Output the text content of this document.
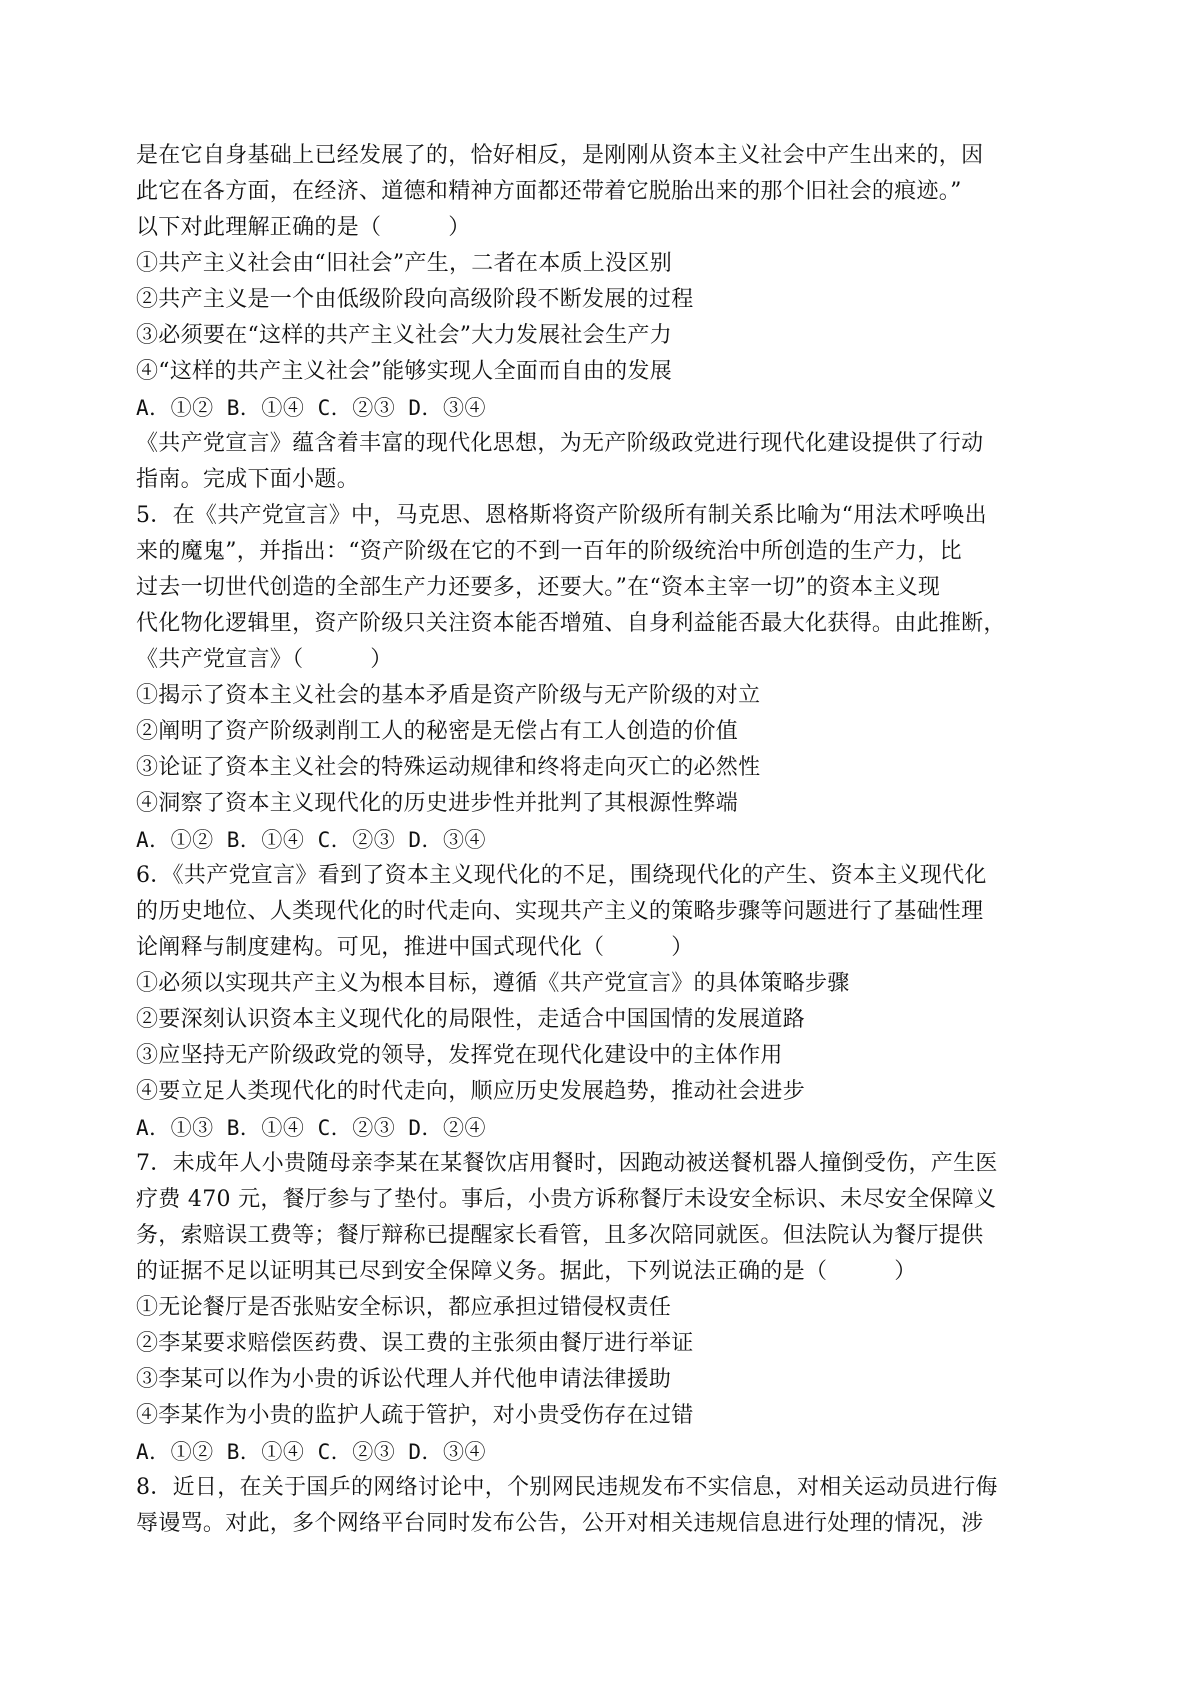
是在它自身基础上已经发展了的，恰好相反，是刚刚从资本主义社会中产生出来的，因
此它在各方面，在经济、道德和精神方面都还带着它脱胎出来的那个旧社会的痕迹。”
以下对此理解正确的是（　　　）
①共产主义社会由“旧社会”产生，二者在本质上没区别
②共产主义是一个由低级阶段向高级阶段不断发展的过程
③必须要在“这样的共产主义社会”大力发展社会生产力
④“这样的共产主义社会”能够实现人全面而自由的发展
A．①② B．①④ C．②③ D．③④
《共产党宣言》蕴含着丰富的现代化思想，为无产阶级政党进行现代化建设提供了行动
指南。完成下面小题。
5．在《共产党宣言》中，马克思、恩格斯将资产阶级所有制关系比喻为“用法术呼唤出
来的魔鬼”，并指出：“资产阶级在它的不到一百年的阶级统治中所创造的生产力，比
过去一切世代创造的全部生产力还要多，还要大。”在“资本主宰一切”的资本主义现
代化物化逻辑里，资产阶级只关注资本能否增殖、自身利益能否最大化获得。由此推断，
《共产党宣言》（　　　）
①揭示了资本主义社会的基本矛盾是资产阶级与无产阶级的对立
②阐明了资产阶级剥削工人的秘密是无偿占有工人创造的价值
③论证了资本主义社会的特殊运动规律和终将走向灭亡的必然性
④洞察了资本主义现代化的历史进步性并批判了其根源性弊端
A．①② B．①④ C．②③ D．③④
6．《共产党宣言》看到了资本主义现代化的不足，围绕现代化的产生、资本主义现代化
的历史地位、人类现代化的时代走向、实现共产主义的策略步骤等问题进行了基础性理
论阐释与制度建构。可见，推进中国式现代化（　　　）
①必须以实现共产主义为根本目标，遵循《共产党宣言》的具体策略步骤
②要深刻认识资本主义现代化的局限性，走适合中国国情的发展道路
③应坚持无产阶级政党的领导，发挥党在现代化建设中的主体作用
④要立足人类现代化的时代走向，顺应历史发展趋势，推动社会进步
A．①③ B．①④ C．②③ D．②④
7．未成年人小贵随母亲李某在某餐饮店用餐时，因跑动被送餐机器人撞倒受伤，产生医
疗费 470 元，餐厅参与了垫付。事后，小贵方诉称餐厅未设安全标识、未尽安全保障义
务，索赔误工费等；餐厅辩称已提醒家长看管，且多次陪同就医。但法院认为餐厅提供
的证据不足以证明其已尽到安全保障义务。据此，下列说法正确的是（　　　）
①无论餐厅是否张贴安全标识，都应承担过错侵权责任
②李某要求赔偿医药费、误工费的主张须由餐厅进行举证
③李某可以作为小贵的诉讼代理人并代他申请法律援助
④李某作为小贵的监护人疏于管护，对小贵受伤存在过错
A．①② B．①④ C．②③ D．③④
8．近日，在关于国乒的网络讨论中，个别网民违规发布不实信息，对相关运动员进行侮
辱谩骂。对此，多个网络平台同时发布公告，公开对相关违规信息进行处理的情况，涉
